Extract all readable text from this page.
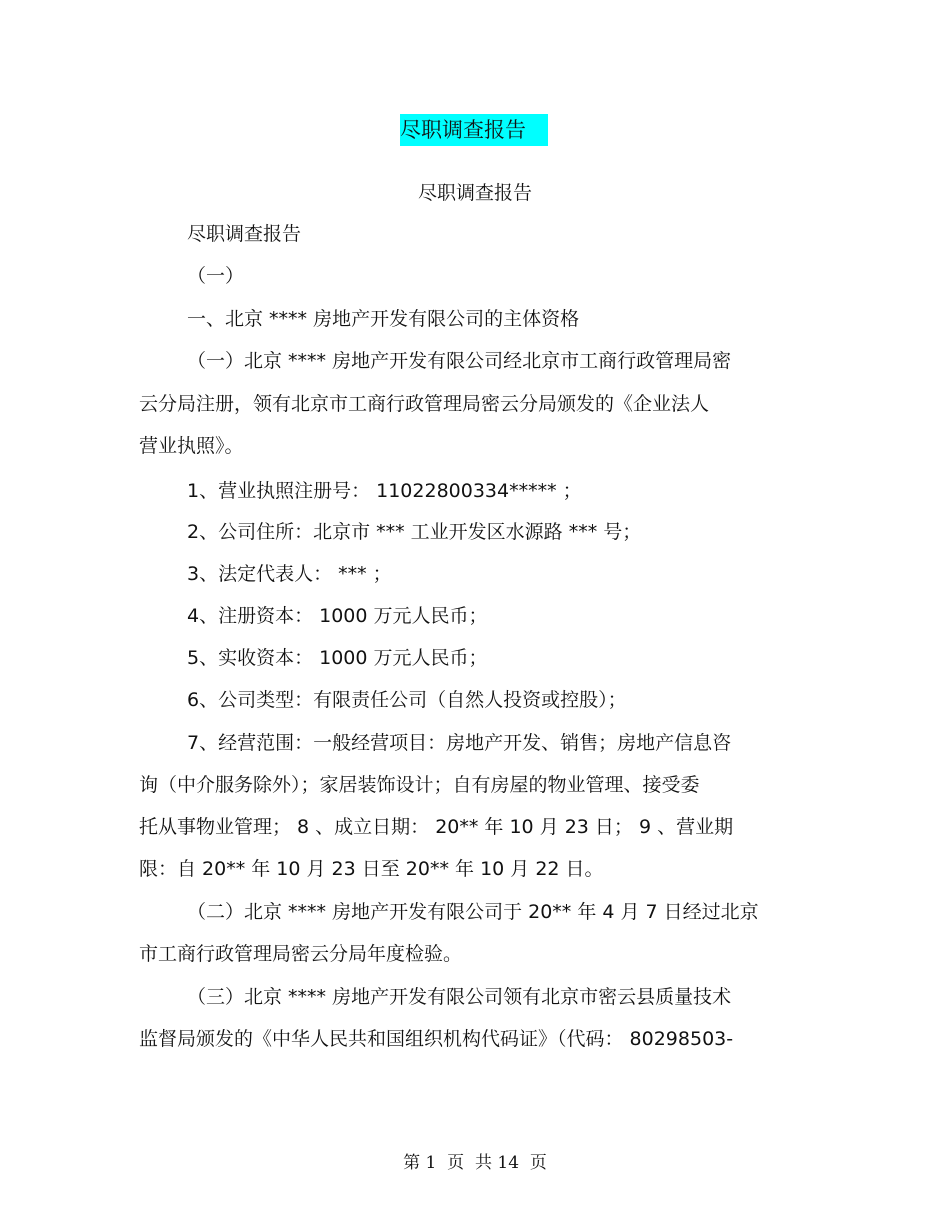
尽职调查报告
尽职调查报告
尽职调查报告
（一）
一、北京 **** 房地产开发有限公司的主体资格
（一）北京 **** 房地产开发有限公司经北京市工商行政管理局密
云分局注册，领有北京市工商行政管理局密云分局颁发的《企业法人
营业执照》。
1、营业执照注册号： 11022800334***** ；
2、公司住所：北京市 *** 工业开发区水源路 *** 号；
3、法定代表人： *** ；
4、注册资本： 1000 万元人民币；
5、实收资本： 1000 万元人民币；
6、公司类型：有限责任公司（自然人投资或控股）；
7、经营范围：一般经营项目：房地产开发、销售；房地产信息咨
询（中介服务除外）；家居装饰设计；自有房屋的物业管理、接受委
托从事物业管理； 8 、成立日期： 20** 年 10 月 23 日； 9 、营业期
限：自 20** 年 10 月 23 日至 20** 年 10 月 22 日。
（二）北京 **** 房地产开发有限公司于 20** 年 4 月 7 日经过北京
市工商行政管理局密云分局年度检验。
（三）北京 **** 房地产开发有限公司领有北京市密云县质量技术
监督局颁发的《中华人民共和国组织机构代码证》（代码： 80298503-
第 1  页  共 14  页
